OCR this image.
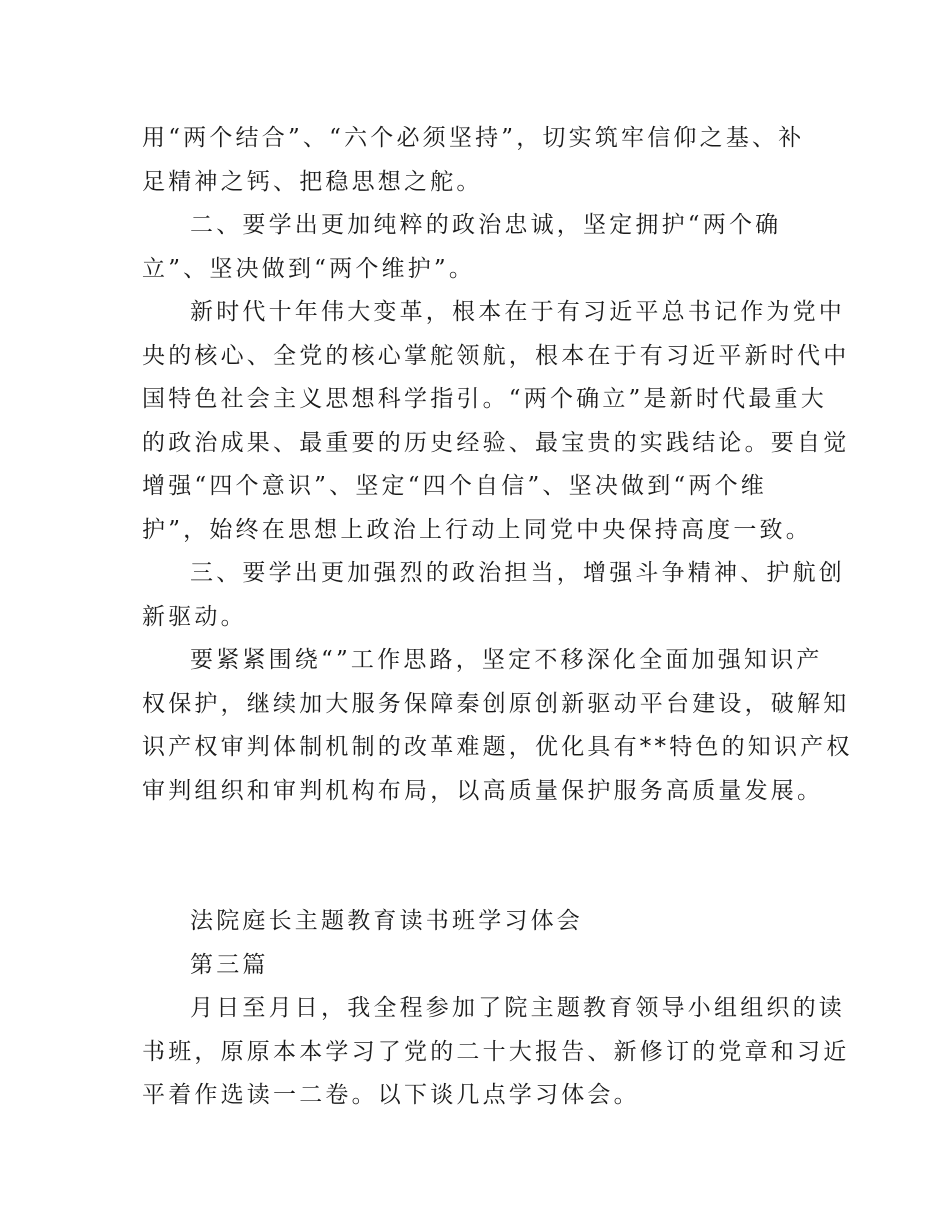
用“两个结合”、“六个必须坚持”，切实筑牢信仰之基、补
足精神之钙、把稳思想之舵。
二、要学出更加纯粹的政治忠诚，坚定拥护“两个确
立”、坚决做到“两个维护”。
新时代十年伟大变革，根本在于有习近平总书记作为党中
央的核心、全党的核心掌舵领航，根本在于有习近平新时代中
国特色社会主义思想科学指引。“两个确立”是新时代最重大
的政治成果、最重要的历史经验、最宝贵的实践结论。要自觉
增强“四个意识”、坚定“四个自信”、坚决做到“两个维
护”，始终在思想上政治上行动上同党中央保持高度一致。
三、要学出更加强烈的政治担当，增强斗争精神、护航创
新驱动。
要紧紧围绕“”工作思路，坚定不移深化全面加强知识产
权保护，继续加大服务保障秦创原创新驱动平台建设，破解知
识产权审判体制机制的改革难题，优化具有**特色的知识产权
审判组织和审判机构布局，以高质量保护服务高质量发展。
法院庭长主题教育读书班学习体会
第三篇
月日至月日，我全程参加了院主题教育领导小组组织的读
书班，原原本本学习了党的二十大报告、新修订的党章和习近
平着作选读一二卷。以下谈几点学习体会。
